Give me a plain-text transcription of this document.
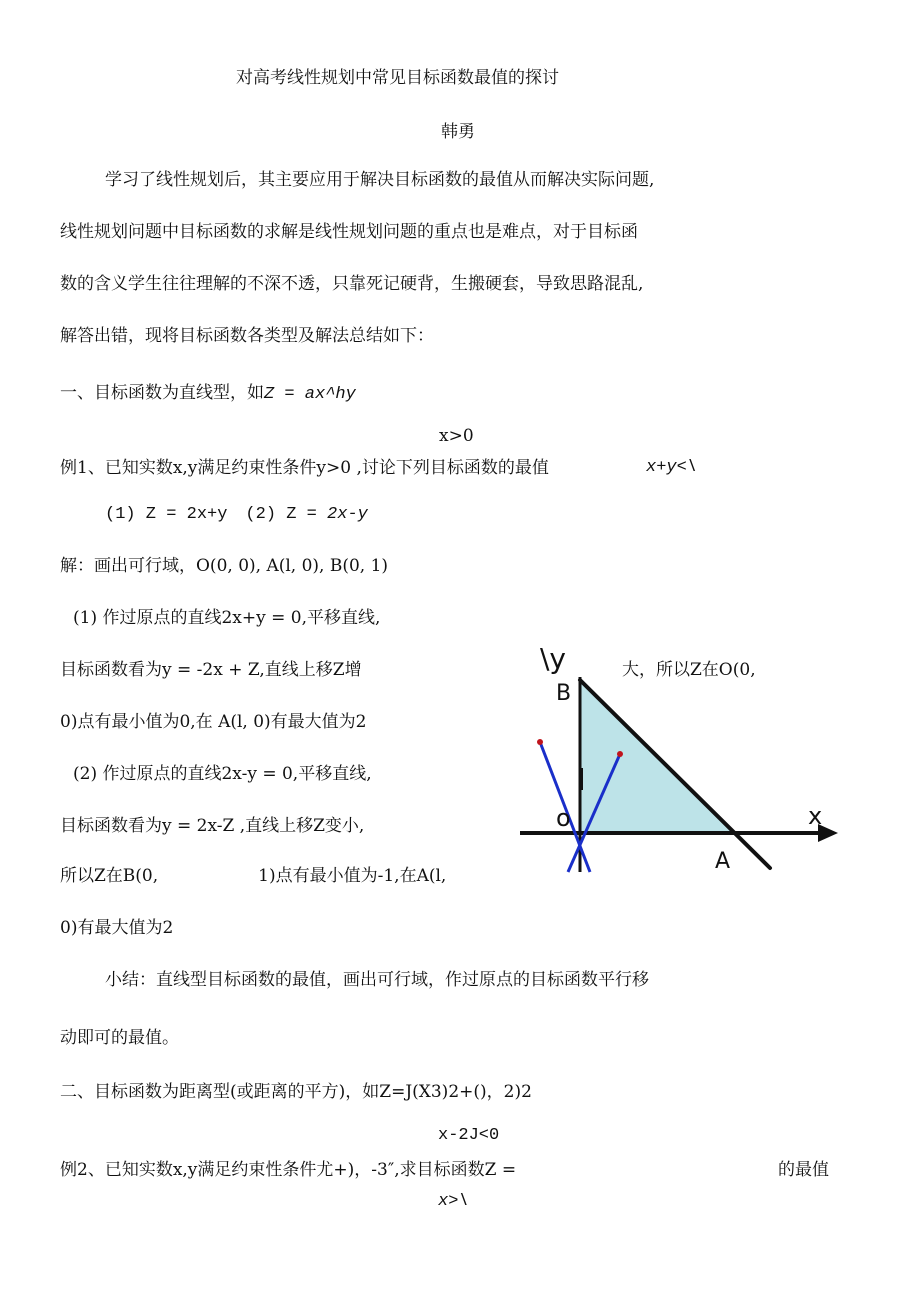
对高考线性规划中常见目标函数最值的探讨
韩勇
学习了线性规划后，其主要应用于解决目标函数的最值从而解决实际问题,
线性规划问题中目标函数的求解是线性规划问题的重点也是难点，对于目标函
数的含义学生往往理解的不深不透，只靠死记硬背，生搬硬套，导致思路混乱,
解答出错，现将目标函数各类型及解法总结如下：
一、目标函数为直线型，如Z = ax^hy
x>0
例1、已知实数x,y满足约束性条件y>0 ,讨论下列目标函数的最值	x+y<\
(1) Z = 2x+y (2) Z = 2x-y
解：画出可行域，O(0, 0), A(l, 0), B(0, 1)
(1) 作过原点的直线2x+y = 0,平移直线,
目标函数看为y = -2x + Z,直线上移Z增	大，所以Z在O(0,
0)点有最小值为0,在 A(l, 0)有最大值为2
(2) 作过原点的直线2x-y = 0,平移直线,
目标函数看为y = 2x-Z ,直线上移Z变小,
所以Z在B(0,	1)点有最小值为-1,在A(l,
0)有最大值为2
小结：直线型目标函数的最值，画出可行域，作过原点的目标函数平行移
动即可的最值。
\y
x
B
A
o
二、目标函数为距离型(或距离的平方)，如Z=J(X3)2+()，2)2
x-2J<0
例2、已知实数x,y满足约束性条件尤+)，-3″,求目标函数Z =	的最值
x>\
